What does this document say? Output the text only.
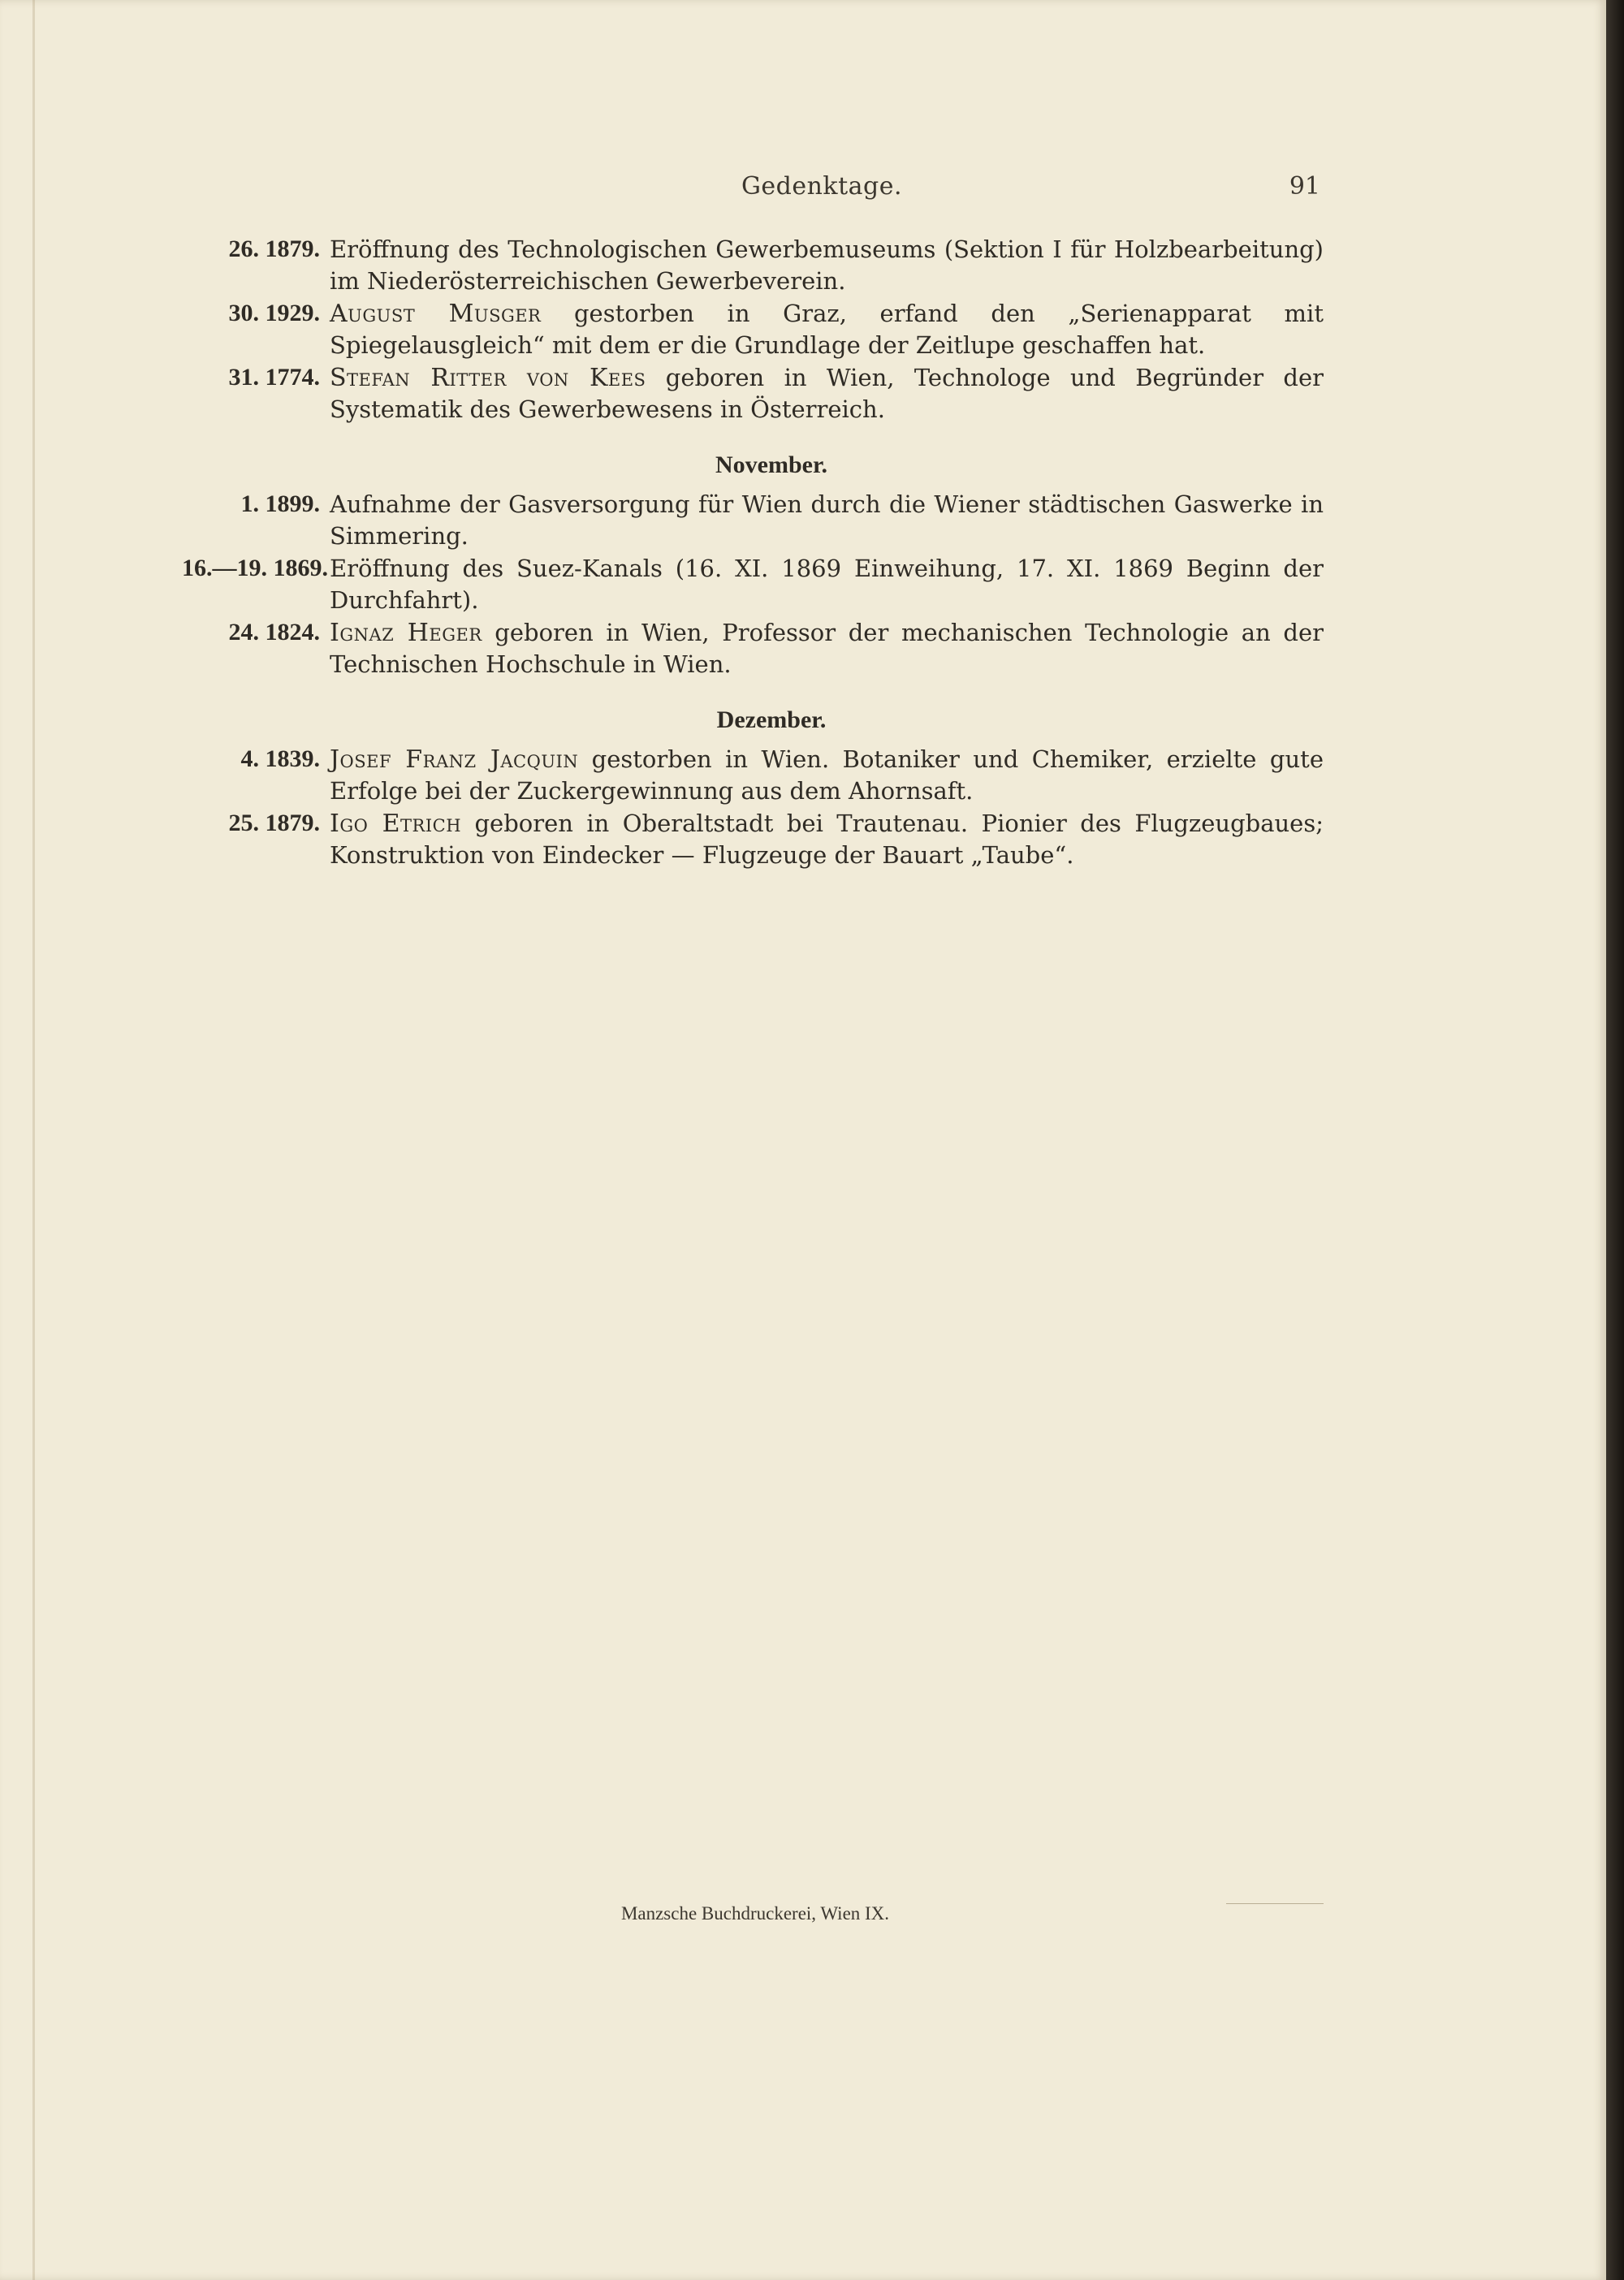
Gedenktage.	91
26. 1879. Eröffnung des Technologischen Gewerbemuseums (Sektion I für Holzbearbeitung) im Niederösterreichischen Gewerbeverein.
30. 1929. August Musger gestorben in Graz, erfand den „Serienapparat mit Spiegelausgleich“ mit dem er die Grundlage der Zeitlupe geschaffen hat.
31. 1774. Stefan Ritter von Kees geboren in Wien, Technologe und Begründer der Systematik des Gewerbewesens in Österreich.
November.
1. 1899. Aufnahme der Gasversorgung für Wien durch die Wiener städtischen Gaswerke in Simmering.
16.—19. 1869. Eröffnung des Suez-Kanals (16. XI. 1869 Einweihung, 17. XI. 1869 Beginn der Durchfahrt).
24. 1824. Ignaz Heger geboren in Wien, Professor der mechanischen Technologie an der Technischen Hochschule in Wien.
Dezember.
4. 1839. Josef Franz Jacquin gestorben in Wien. Botaniker und Chemiker, erzielte gute Erfolge bei der Zuckergewinnung aus dem Ahornsaft.
25. 1879. Igo Etrich geboren in Oberaltstadt bei Trautenau. Pionier des Flugzeugbaues; Konstruktion von Eindecker — Flugzeuge der Bauart „Taube“.
Manzsche Buchdruckerei, Wien IX.
